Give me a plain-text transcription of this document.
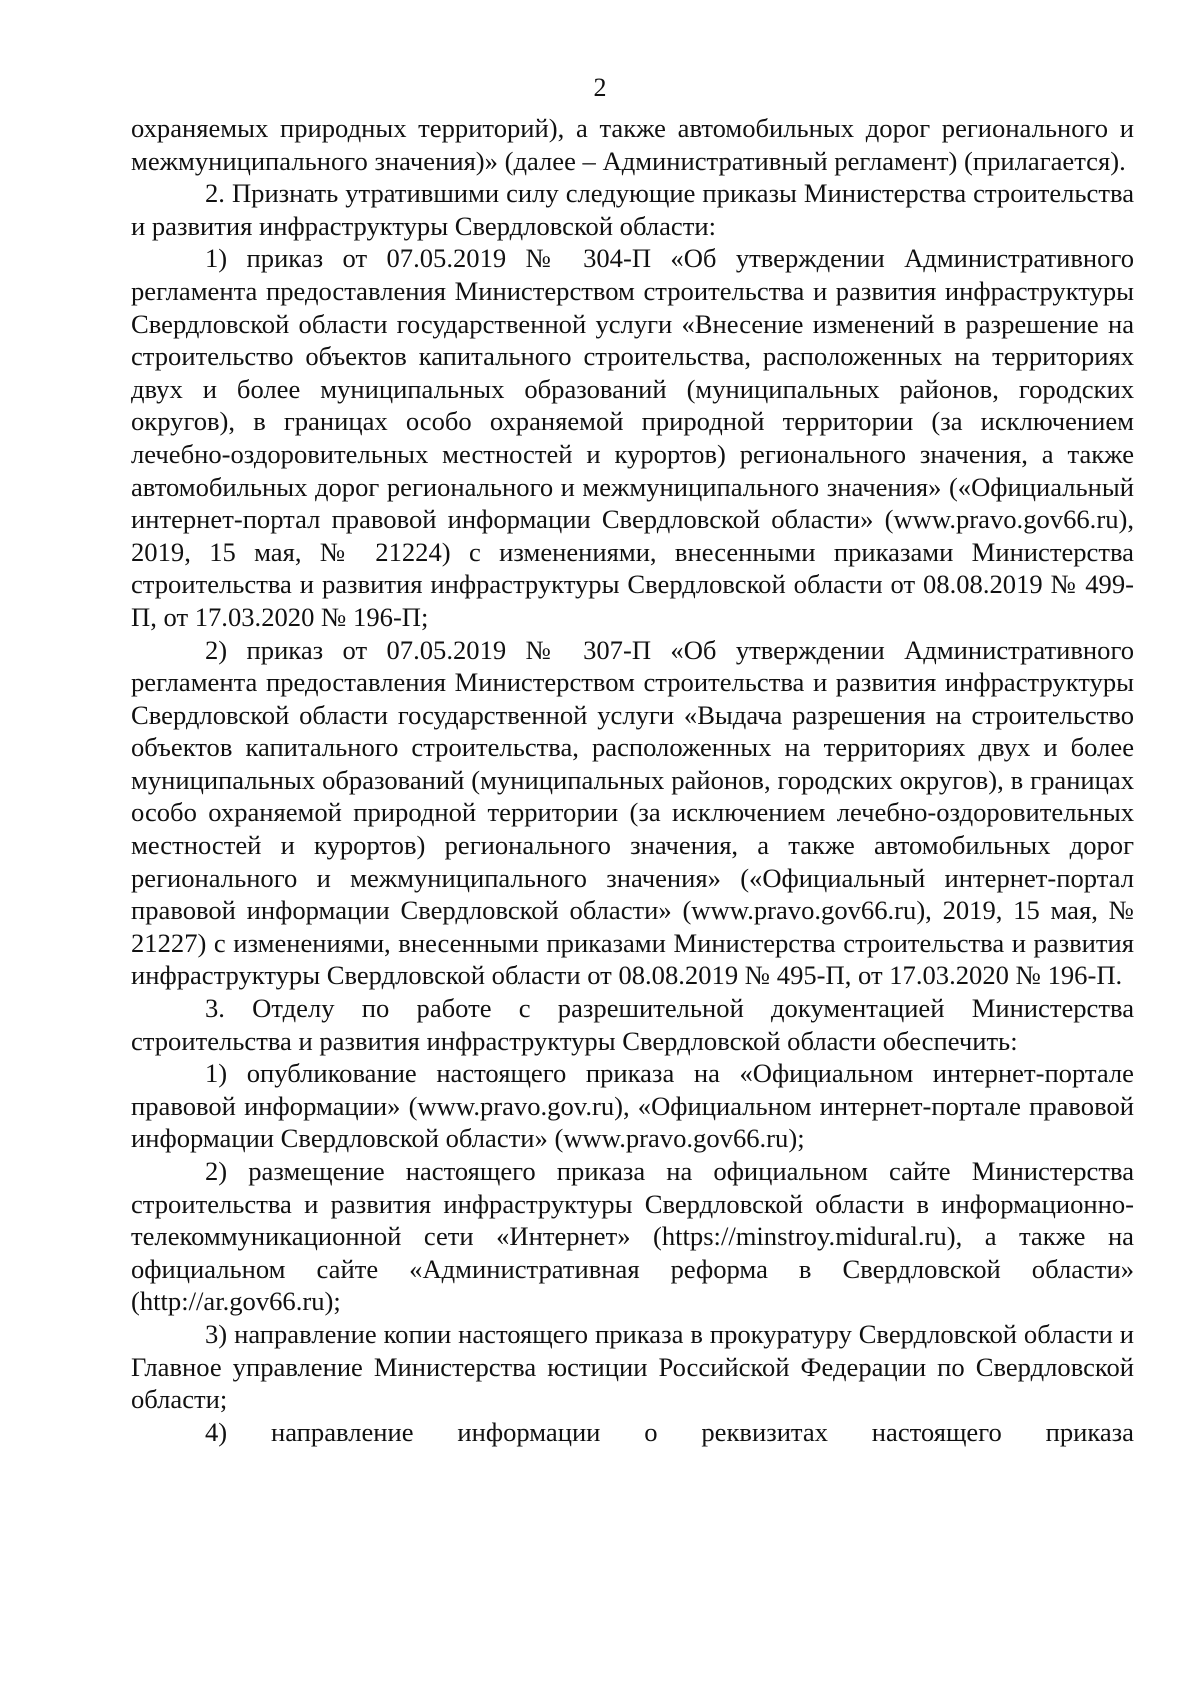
2

охраняемых природных территорий), а также автомобильных дорог регионального и межмуниципального значения)» (далее – Административный регламент) (прилагается).

2. Признать утратившими силу следующие приказы Министерства строительства и развития инфраструктуры Свердловской области:

1) приказ от 07.05.2019 № 304-П «Об утверждении Административного регламента предоставления Министерством строительства и развития инфраструктуры Свердловской области государственной услуги «Внесение изменений в разрешение на строительство объектов капитального строительства, расположенных на территориях двух и более муниципальных образований (муниципальных районов, городских округов), в границах особо охраняемой природной территории (за исключением лечебно-оздоровительных местностей и курортов) регионального значения, а также автомобильных дорог регионального и межмуниципального значения» («Официальный интернет-портал правовой информации Свердловской области» (www.pravo.gov66.ru), 2019, 15 мая, № 21224) с изменениями, внесенными приказами Министерства строительства и развития инфраструктуры Свердловской области от 08.08.2019 № 499-П, от 17.03.2020 № 196-П;

2) приказ от 07.05.2019 № 307-П «Об утверждении Административного регламента предоставления Министерством строительства и развития инфраструктуры Свердловской области государственной услуги «Выдача разрешения на строительство объектов капитального строительства, расположенных на территориях двух и более муниципальных образований (муниципальных районов, городских округов), в границах особо охраняемой природной территории (за исключением лечебно-оздоровительных местностей и курортов) регионального значения, а также автомобильных дорог регионального и межмуниципального значения» («Официальный интернет-портал правовой информации Свердловской области» (www.pravo.gov66.ru), 2019, 15 мая, № 21227) с изменениями, внесенными приказами Министерства строительства и развития инфраструктуры Свердловской области от 08.08.2019 № 495-П, от 17.03.2020 № 196-П.

3. Отделу по работе с разрешительной документацией Министерства строительства и развития инфраструктуры Свердловской области обеспечить:

1) опубликование настоящего приказа на «Официальном интернет-портале правовой информации» (www.pravo.gov.ru), «Официальном интернет-портале правовой информации Свердловской области» (www.pravo.gov66.ru);

2) размещение настоящего приказа на официальном сайте Министерства строительства и развития инфраструктуры Свердловской области в информационно-телекоммуникационной сети «Интернет» (https://minstroy.midural.ru), а также на официальном сайте «Административная реформа в Свердловской области» (http://ar.gov66.ru);

3) направление копии настоящего приказа в прокуратуру Свердловской области и Главное управление Министерства юстиции Российской Федерации по Свердловской области;

4) направление информации о реквизитах настоящего приказа
